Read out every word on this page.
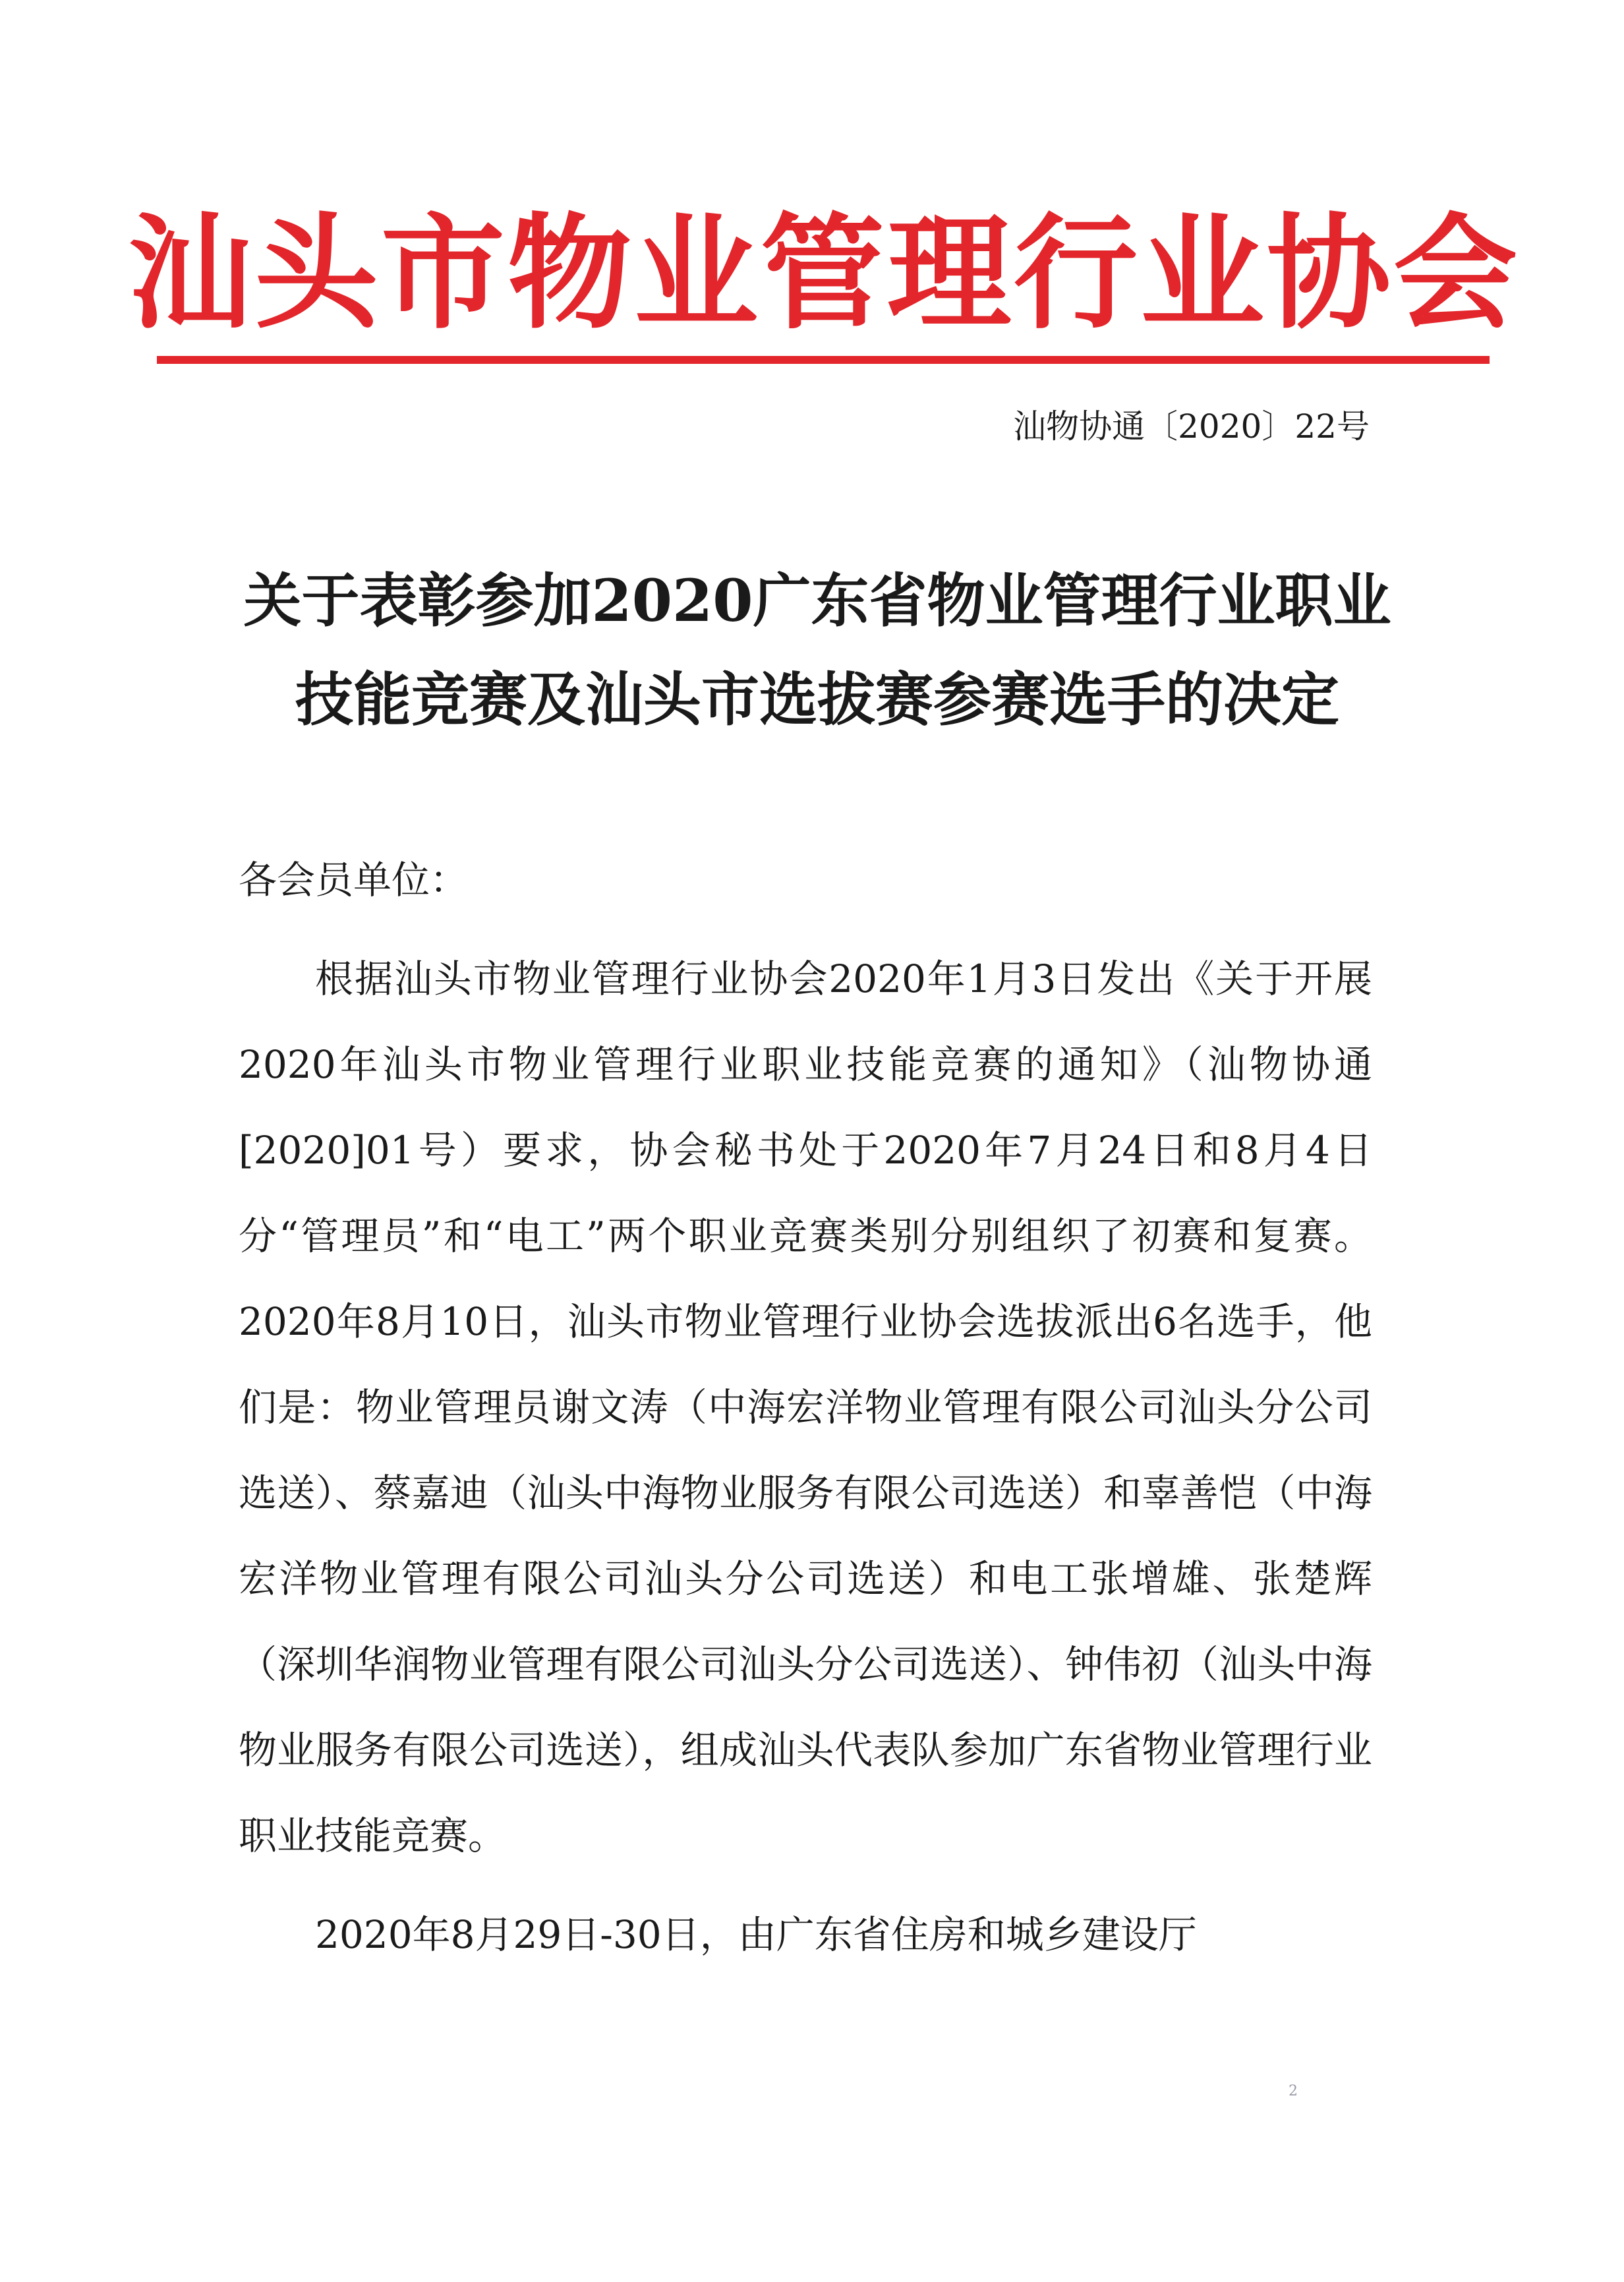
汕头市物业管理行业协会
汕物协通〔2020〕22号
关于表彰参加2020广东省物业管理行业职业
技能竞赛及汕头市选拔赛参赛选手的决定
各会员单位：

根据汕头市物业管理行业协会2020年1月3日发出《关于开展2020年汕头市物业管理行业职业技能竞赛的通知》（汕物协通[2020]01号）要求，协会秘书处于2020年7月24日和8月4日分“管理员”和“电工”两个职业竞赛类别分别组织了初赛和复赛。2020年8月10日，汕头市物业管理行业协会选拔派出6名选手，他们是：物业管理员谢文涛（中海宏洋物业管理有限公司汕头分公司选送）、蔡嘉迪（汕头中海物业服务有限公司选送）和辜善恺（中海宏洋物业管理有限公司汕头分公司选送）和电工张增雄、张楚辉（深圳华润物业管理有限公司汕头分公司选送）、钟伟初（汕头中海物业服务有限公司选送），组成汕头代表队参加广东省物业管理行业职业技能竞赛。

2020年8月29日-30日，由广东省住房和城乡建设厅

2
